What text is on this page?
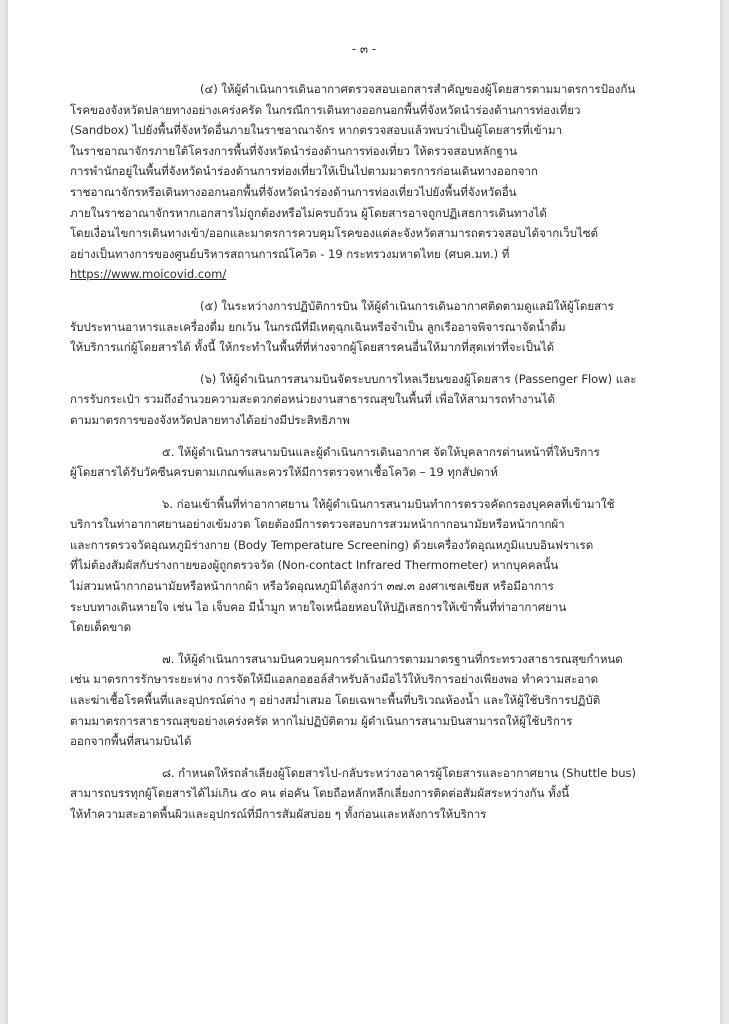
- ๓ -
(๔) ให้ผู้ดำเนินการเดินอากาศตรวจสอบเอกสารสำคัญของผู้โดยสารตามมาตรการป้องกัน
โรคของจังหวัดปลายทางอย่างเคร่งครัด ในกรณีการเดินทางออกนอกพื้นที่จังหวัดนำร่องด้านการท่องเที่ยว
(Sandbox) ไปยังพื้นที่จังหวัดอื่นภายในราชอาณาจักร หากตรวจสอบแล้วพบว่าเป็นผู้โดยสารที่เข้ามา
ในราชอาณาจักรภายใต้โครงการพื้นที่จังหวัดนำร่องด้านการท่องเที่ยว ให้ตรวจสอบหลักฐาน
การพำนักอยู่ในพื้นที่จังหวัดนำร่องด้านการท่องเที่ยวให้เป็นไปตามมาตรการก่อนเดินทางออกจาก
ราชอาณาจักรหรือเดินทางออกนอกพื้นที่จังหวัดนำร่องด้านการท่องเที่ยวไปยังพื้นที่จังหวัดอื่น
ภายในราชอาณาจักรหากเอกสารไม่ถูกต้องหรือไม่ครบถ้วน ผู้โดยสารอาจถูกปฏิเสธการเดินทางได้
โดยเงื่อนไขการเดินทางเข้า/ออกและมาตรการควบคุมโรคของแต่ละจังหวัดสามารถตรวจสอบได้จากเว็บไซต์
อย่างเป็นทางการของศูนย์บริหารสถานการณ์โควิด - 19 กระทรวงมหาดไทย (ศบค.มท.) ที่
https://www.moicovid.com/
(๕) ในระหว่างการปฏิบัติการบิน ให้ผู้ดำเนินการเดินอากาศติดตามดูแลมิให้ผู้โดยสาร
รับประทานอาหารและเครื่องดื่ม ยกเว้น ในกรณีที่มีเหตุฉุกเฉินหรือจำเป็น ลูกเรืออาจพิจารณาจัดน้ำดื่ม
ให้บริการแก่ผู้โดยสารได้ ทั้งนี้ ให้กระทำในพื้นที่ที่ห่างจากผู้โดยสารคนอื่นให้มากที่สุดเท่าที่จะเป็นได้
(๖) ให้ผู้ดำเนินการสนามบินจัดระบบการไหลเวียนของผู้โดยสาร (Passenger Flow) และ
การรับกระเป๋า รวมถึงอำนวยความสะดวกต่อหน่วยงานสาธารณสุขในพื้นที่ เพื่อให้สามารถทำงานได้
ตามมาตรการของจังหวัดปลายทางได้อย่างมีประสิทธิภาพ
๕. ให้ผู้ดำเนินการสนามบินและผู้ดำเนินการเดินอากาศ จัดให้บุคลากรด่านหน้าที่ให้บริการ
ผู้โดยสารได้รับวัคซีนครบตามเกณฑ์และควรให้มีการตรวจหาเชื้อโควิด – 19 ทุกสัปดาห์
๖. ก่อนเข้าพื้นที่ท่าอากาศยาน ให้ผู้ดำเนินการสนามบินทำการตรวจคัดกรองบุคคลที่เข้ามาใช้
บริการในท่าอากาศยานอย่างเข้มงวด โดยต้องมีการตรวจสอบการสวมหน้ากากอนามัยหรือหน้ากากผ้า
และการตรวจวัดอุณหภูมิร่างกาย (Body Temperature Screening) ด้วยเครื่องวัดอุณหภูมิแบบอินฟราเรด
ที่ไม่ต้องสัมผัสกับร่างกายของผู้ถูกตรวจวัด (Non-contact Infrared Thermometer) หากบุคคลนั้น
ไม่สวมหน้ากากอนามัยหรือหน้ากากผ้า หรือวัดอุณหภูมิได้สูงกว่า ๓๗.๓ องศาเซลเซียส หรือมีอาการ
ระบบทางเดินหายใจ เช่น ไอ เจ็บคอ มีน้ำมูก หายใจเหนื่อยหอบให้ปฏิเสธการให้เข้าพื้นที่ท่าอากาศยาน
โดยเด็ดขาด
๗. ให้ผู้ดำเนินการสนามบินควบคุมการดำเนินการตามมาตรฐานที่กระทรวงสาธารณสุขกำหนด
เช่น มาตรการรักษาระยะห่าง การจัดให้มีแอลกอฮอล์สำหรับล้างมือไว้ให้บริการอย่างเพียงพอ ทำความสะอาด
และฆ่าเชื้อโรคพื้นที่และอุปกรณ์ต่าง ๆ อย่างสม่ำเสมอ โดยเฉพาะพื้นที่บริเวณห้องน้ำ และให้ผู้ใช้บริการปฏิบัติ
ตามมาตรการสาธารณสุขอย่างเคร่งครัด หากไม่ปฏิบัติตาม ผู้ดำเนินการสนามบินสามารถให้ผู้ใช้บริการ
ออกจากพื้นที่สนามบินได้
๘. กำหนดให้รถลำเลียงผู้โดยสารไป-กลับระหว่างอาคารผู้โดยสารและอากาศยาน (Shuttle bus)
สามารถบรรทุกผู้โดยสารได้ไม่เกิน ๕๐ คน ต่อคัน โดยถือหลักหลีกเลี่ยงการติดต่อสัมผัสระหว่างกัน ทั้งนี้
ให้ทำความสะอาดพื้นผิวและอุปกรณ์ที่มีการสัมผัสบ่อย ๆ ทั้งก่อนและหลังการให้บริการ
